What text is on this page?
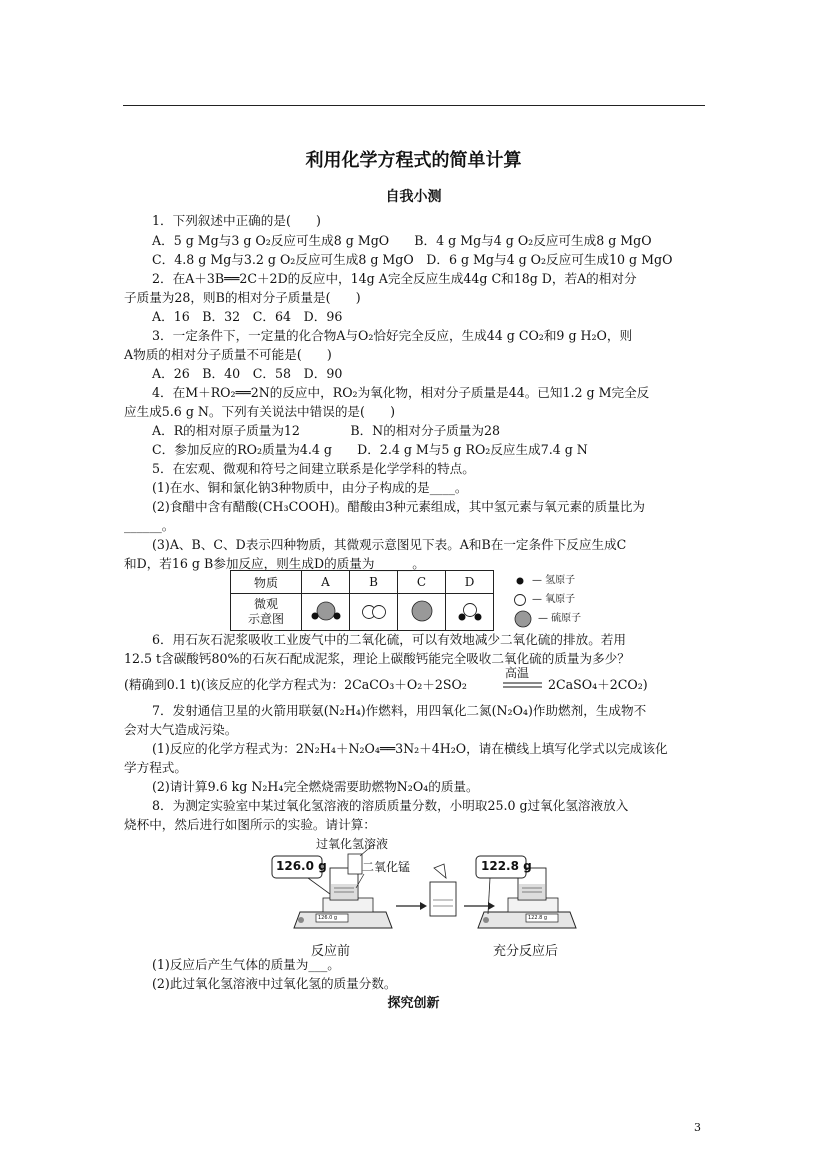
利用化学方程式的简单计算
自我小测
1．下列叙述中正确的是(　　)
A．5 g Mg与3 g O₂反应可生成8 g MgO　　B．4 g Mg与4 g O₂反应可生成8 g MgO
C．4.8 g Mg与3.2 g O₂反应可生成8 g MgO　D．6 g Mg与4 g O₂反应可生成10 g MgO
2．在A＋3B══2C＋2D的反应中，14g A完全反应生成44g C和18g D，若A的相对分
子质量为28，则B的相对分子质量是(　　)
A．16　B．32　C．64　D．96
3．一定条件下，一定量的化合物A与O₂恰好完全反应，生成44 g CO₂和9 g H₂O，则
A物质的相对分子质量不可能是(　　)
A．26　B．40　C．58　D．90
4．在M＋RO₂══2N的反应中，RO₂为氧化物，相对分子质量是44。已知1.2 g M完全反
应生成5.6 g N。下列有关说法中错误的是(　　)
A．R的相对原子质量为12　　　　B．N的相对分子质量为28
C．参加反应的RO₂质量为4.4 g　　D．2.4 g M与5 g RO₂反应生成7.4 g N
5．在宏观、微观和符号之间建立联系是化学学科的特点。
(1)在水、铜和氯化钠3种物质中，由分子构成的是____。
(2)食醋中含有醋酸(CH₃COOH)。醋酸由3种元素组成，其中氢元素与氧元素的质量比为
______。
(3)A、B、C、D表示四种物质，其微观示意图见下表。A和B在一定条件下反应生成C
和D，若16 g B参加反应，则生成D的质量为______。
物质	A	B	C	D

微观
示意图

— 氢原子
— 氧原子
— 硫原子
6．用石灰石泥浆吸收工业废气中的二氧化硫，可以有效地减少二氧化硫的排放。若用
12.5 t含碳酸钙80%的石灰石配成泥浆，理论上碳酸钙能完全吸收二氧化硫的质量为多少？
(精确到0.1 t)(该反应的化学方程式为：2CaCO₃＋O₂＋2SO₂
高温
2CaSO₄＋2CO₂)
7．发射通信卫星的火箭用联氨(N₂H₄)作燃料，用四氧化二氮(N₂O₄)作助燃剂，生成物不
会对大气造成污染。
(1)反应的化学方程式为：2N₂H₄＋N₂O₄══3N₂＋4H₂O，请在横线上填写化学式以完成该化
学方程式。
(2)请计算9.6 kg N₂H₄完全燃烧需要助燃物N₂O₄的质量。
8．为测定实验室中某过氧化氢溶液的溶质质量分数，小明取25.0 g过氧化氢溶液放入
烧杯中，然后进行如图所示的实验。请计算：
过氧化氢溶液
二氧化锰
126.0 g	122.8 g
126.0 g	122.8 g
反应前	充分反应后
(1)反应后产生气体的质量为___。
(2)此过氧化氢溶液中过氧化氢的质量分数。
探究创新
3
